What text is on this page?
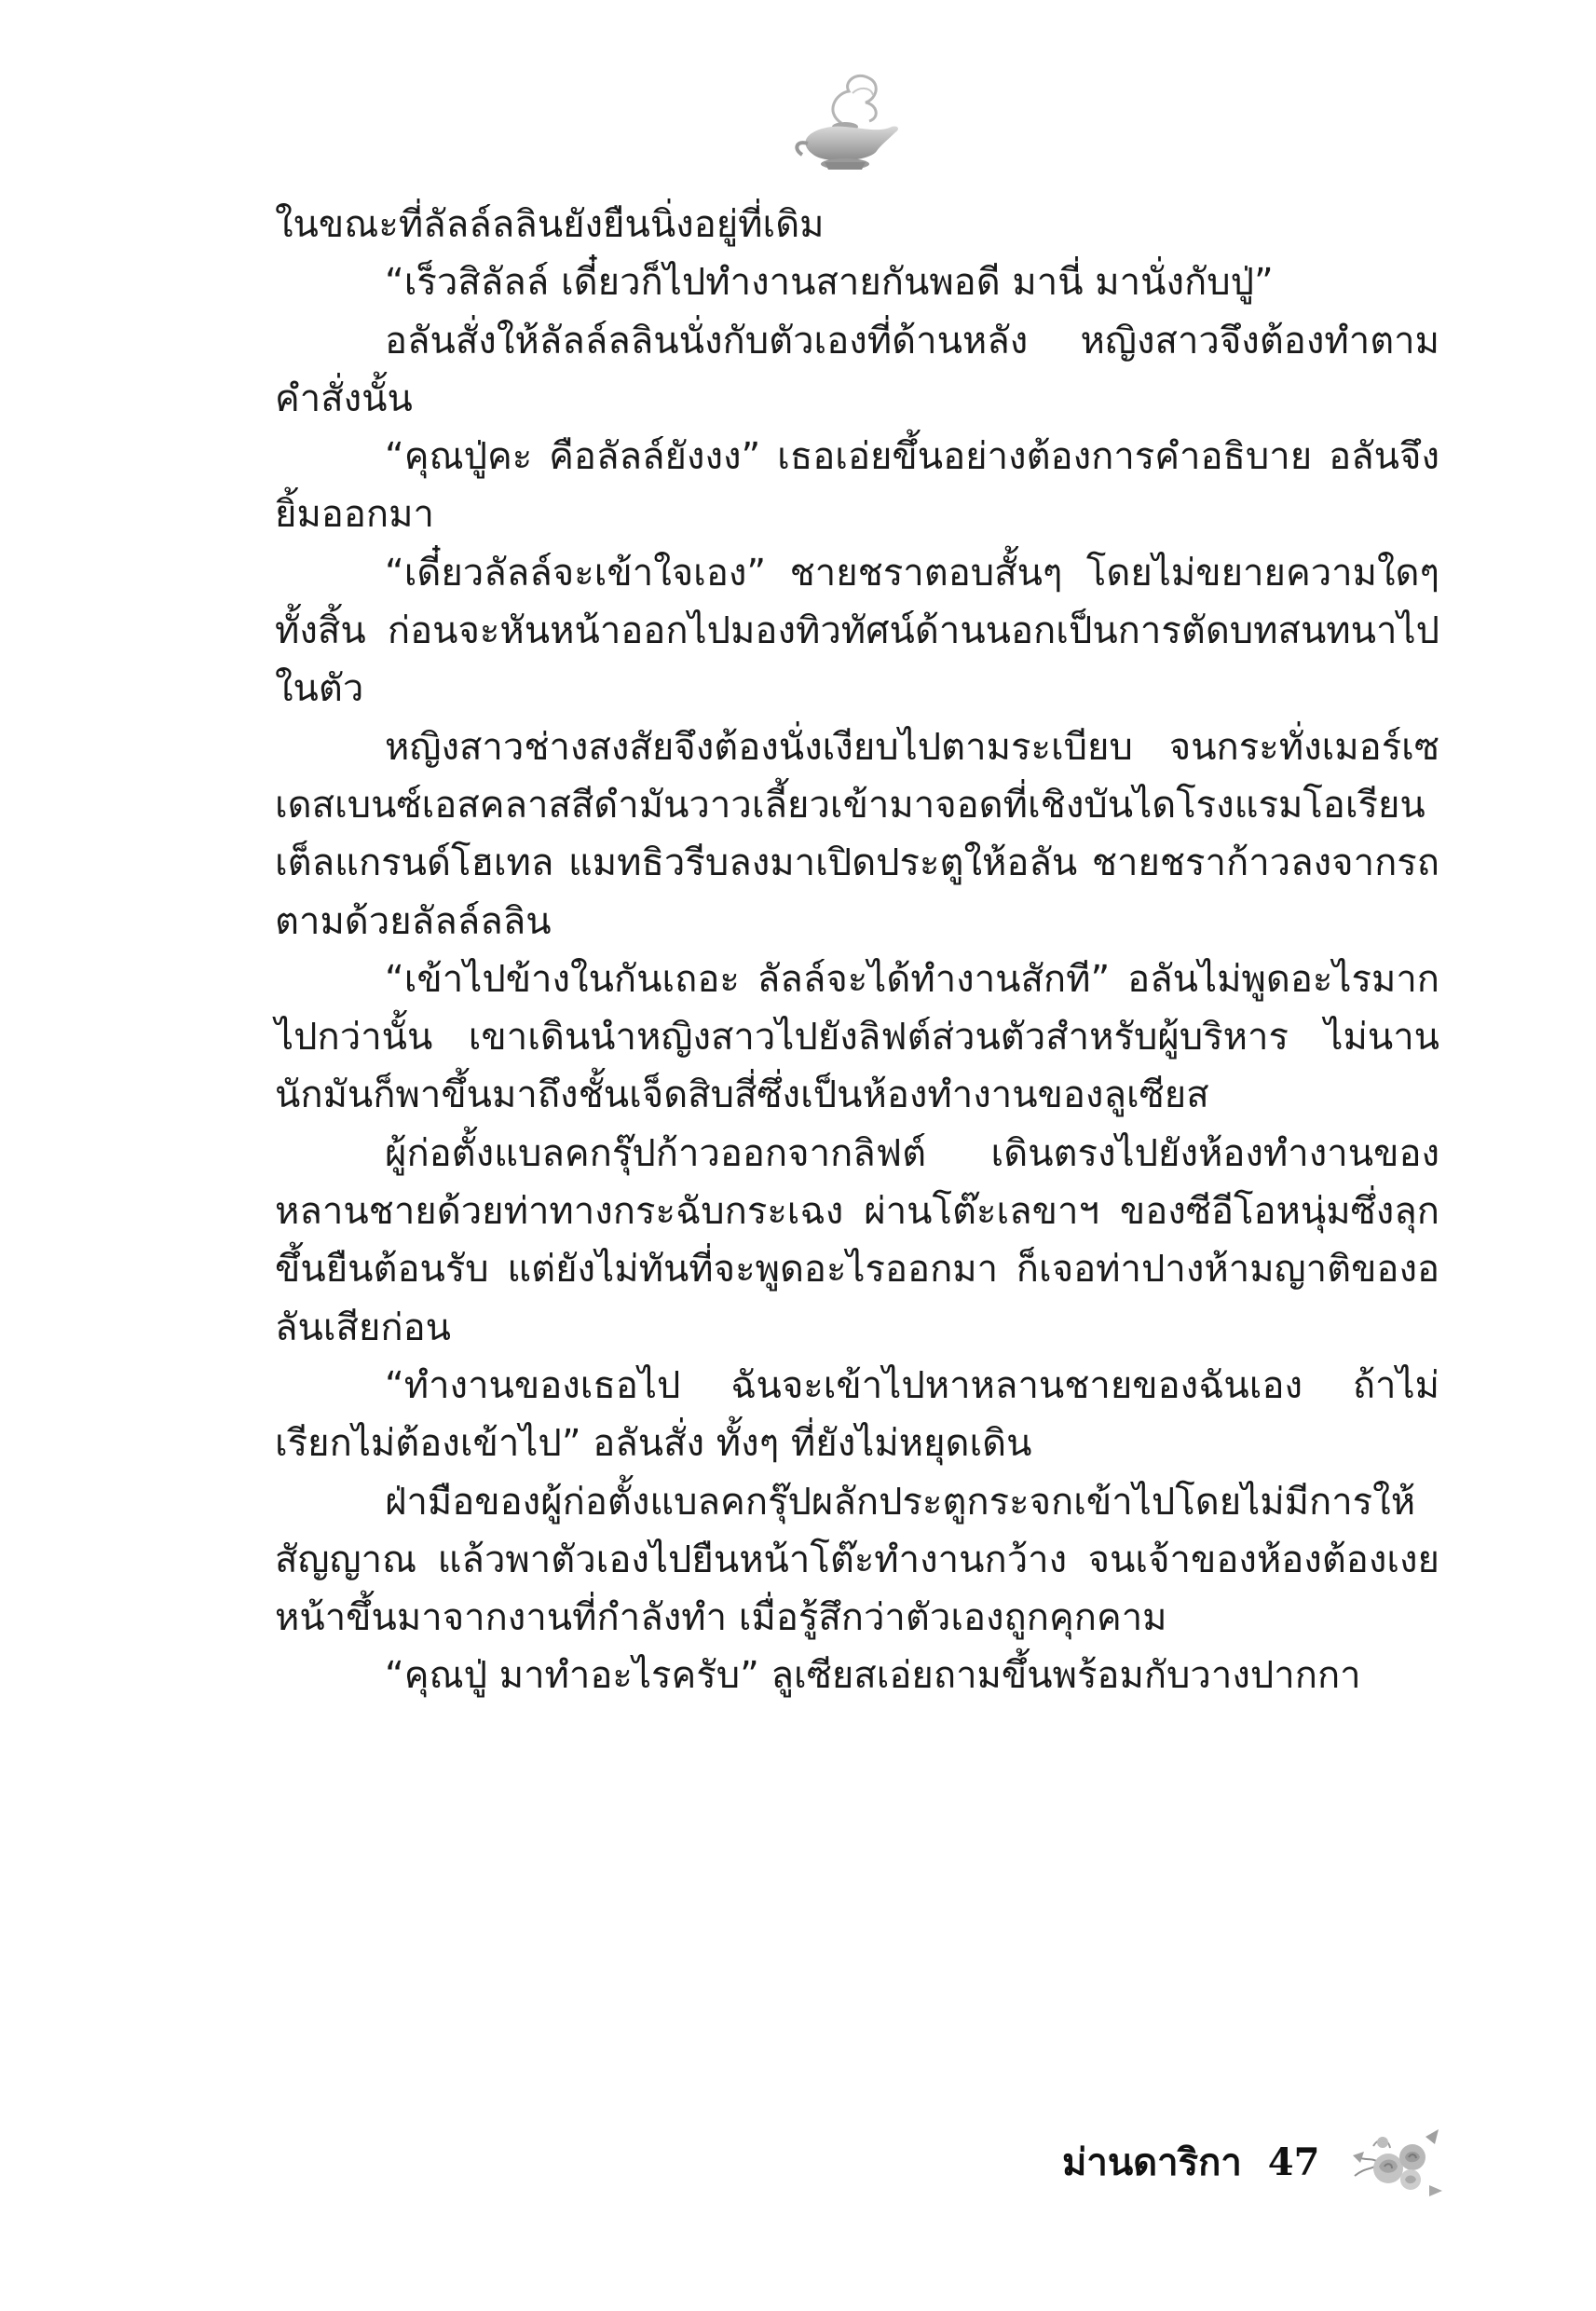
ในขณะที่ลัลล์ลลินยังยืนนิ่งอยู่ที่เดิม

“เร็วสิลัลล์ เดี๋ยวก็ไปทำงานสายกันพอดี มานี่ มานั่งกับปู่”

อลันสั่งให้ลัลล์ลลินนั่งกับตัวเองที่ด้านหลัง หญิงสาวจึงต้องทำตามคำสั่งนั้น

“คุณปู่คะ คือลัลล์ยังงง” เธอเอ่ยขึ้นอย่างต้องการคำอธิบาย อลันจึงยิ้มออกมา

“เดี๋ยวลัลล์จะเข้าใจเอง” ชายชราตอบสั้นๆ โดยไม่ขยายความใดๆ ทั้งสิ้น ก่อนจะหันหน้าออกไปมองทิวทัศน์ด้านนอกเป็นการตัดบทสนทนาไปในตัว

หญิงสาวช่างสงสัยจึงต้องนั่งเงียบไปตามระเบียบ จนกระทั่งเมอร์เซเดสเบนซ์เอสคลาสสีดำมันวาวเลี้ยวเข้ามาจอดที่เชิงบันไดโรงแรมโอเรียนเต็ลแกรนด์โฮเทล แมทธิวรีบลงมาเปิดประตูให้อลัน ชายชราก้าวลงจากรถ ตามด้วยลัลล์ลลิน

“เข้าไปข้างในกันเถอะ ลัลล์จะได้ทำงานสักที” อลันไม่พูดอะไรมากไปกว่านั้น เขาเดินนำหญิงสาวไปยังลิฟต์ส่วนตัวสำหรับผู้บริหาร ไม่นานนักมันก็พาขึ้นมาถึงชั้นเจ็ดสิบสี่ซึ่งเป็นห้องทำงานของลูเซียส

ผู้ก่อตั้งแบลคกรุ๊ปก้าวออกจากลิฟต์ เดินตรงไปยังห้องทำงานของหลานชายด้วยท่าทางกระฉับกระเฉง ผ่านโต๊ะเลขาฯ ของซีอีโอหนุ่มซึ่งลุกขึ้นยืนต้อนรับ แต่ยังไม่ทันที่จะพูดอะไรออกมา ก็เจอท่าปางห้ามญาติของอลันเสียก่อน

“ทำงานของเธอไป ฉันจะเข้าไปหาหลานชายของฉันเอง ถ้าไม่เรียกไม่ต้องเข้าไป” อลันสั่ง ทั้งๆ ที่ยังไม่หยุดเดิน

ฝ่ามือของผู้ก่อตั้งแบลคกรุ๊ปผลักประตูกระจกเข้าไปโดยไม่มีการให้สัญญาณ แล้วพาตัวเองไปยืนหน้าโต๊ะทำงานกว้าง จนเจ้าของห้องต้องเงยหน้าขึ้นมาจากงานที่กำลังทำ เมื่อรู้สึกว่าตัวเองถูกคุกคาม

“คุณปู่ มาทำอะไรครับ” ลูเซียสเอ่ยถามขึ้นพร้อมกับวางปากกา

ม่านดาริกา 47
